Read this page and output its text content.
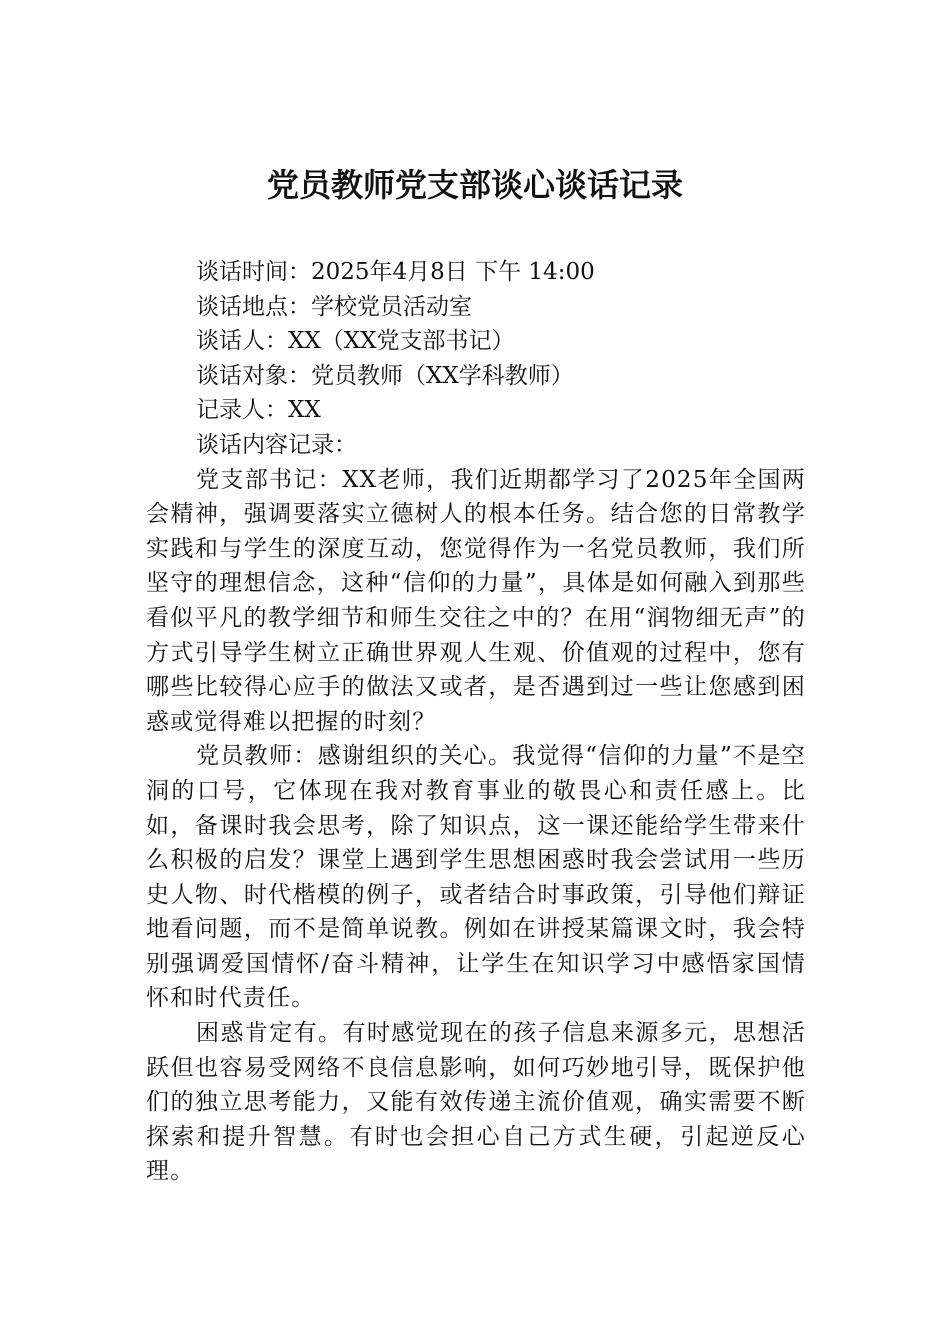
党员教师党支部谈心谈话记录

谈话时间：2025年4月8日 下午 14:00

谈话地点：学校党员活动室

谈话人：XX（XX党支部书记）

谈话对象：党员教师（XX学科教师）

记录人：XX

谈话内容记录：

党支部书记：XX老师，我们近期都学习了2025年全国两会精神，强调要落实立德树人的根本任务。结合您的日常教学实践和与学生的深度互动，您觉得作为一名党员教师，我们所坚守的理想信念，这种“信仰的力量”，具体是如何融入到那些看似平凡的教学细节和师生交往之中的？在用“润物细无声”的方式引导学生树立正确世界观人生观、价值观的过程中，您有哪些比较得心应手的做法又或者，是否遇到过一些让您感到困惑或觉得难以把握的时刻？

党员教师：感谢组织的关心。我觉得“信仰的力量”不是空洞的口号，它体现在我对教育事业的敬畏心和责任感上。比如，备课时我会思考，除了知识点，这一课还能给学生带来什么积极的启发？课堂上遇到学生思想困惑时我会尝试用一些历史人物、时代楷模的例子，或者结合时事政策，引导他们辩证地看问题，而不是简单说教。例如在讲授某篇课文时，我会特别强调爱国情怀/奋斗精神，让学生在知识学习中感悟家国情怀和时代责任。

困惑肯定有。有时感觉现在的孩子信息来源多元，思想活跃但也容易受网络不良信息影响，如何巧妙地引导，既保护他们的独立思考能力，又能有效传递主流价值观，确实需要不断探索和提升智慧。有时也会担心自己方式生硬，引起逆反心理。
